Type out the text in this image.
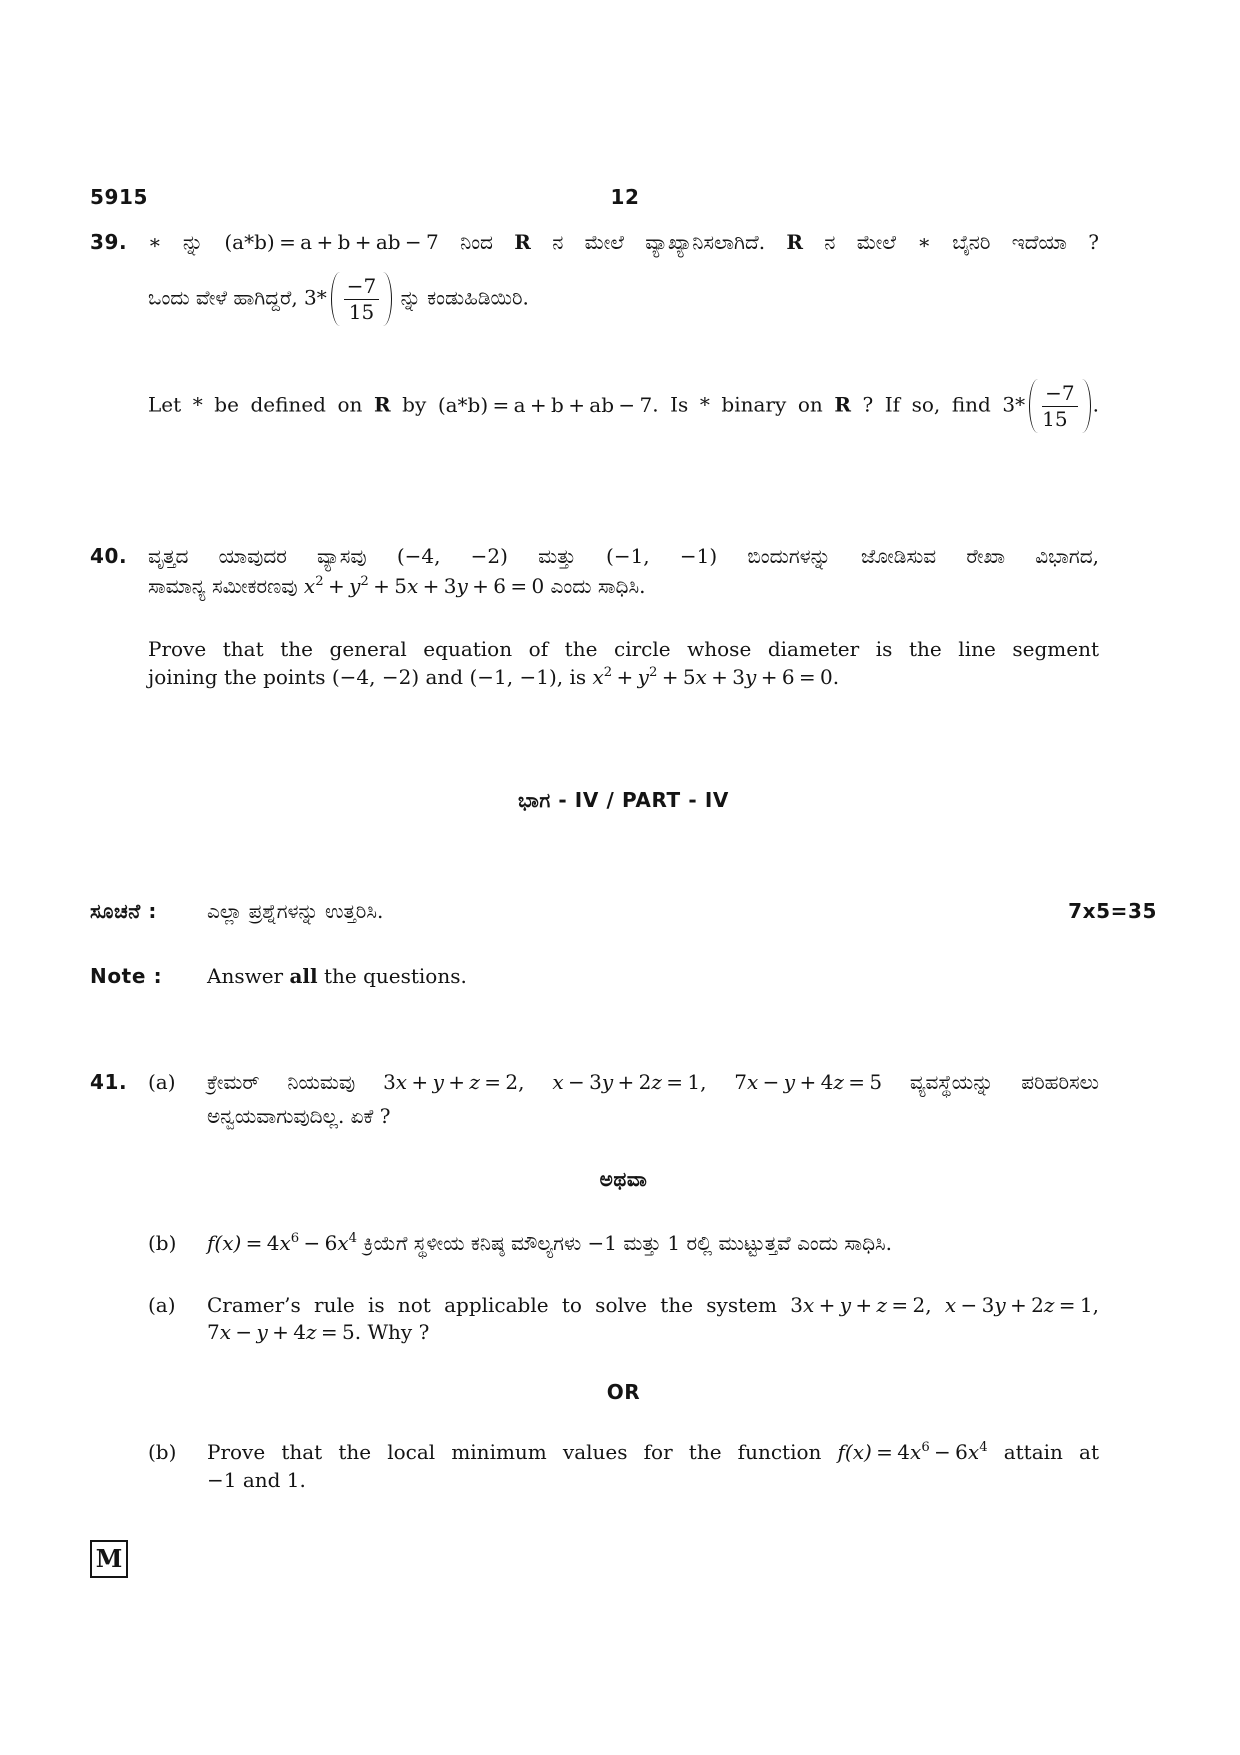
5915	12
39. ∗ ನ್ನು (a*b) = a + b + ab − 7 ನಿಂದ R ನ ಮೇಲೆ ವ್ಯಾಖ್ಯಾನಿಸಲಾಗಿದೆ. R ನ ಮೇಲೆ ∗ ಬೈನರಿ ಇದೆಯಾ ?
ಒಂದು ವೇಳೆ ಹಾಗಿದ್ದರೆ, $3* \frac{-7}{15}$ ನ್ನು ಕಂಡುಹಿಡಿಯಿರಿ.
Let * be defined on R by (a*b) = a + b + ab − 7. Is * binary on R ? If so, find $3* \frac{-7}{15}$ .
40. ವೃತ್ತದ ಯಾವುದರ ವ್ಯಾಸವು (−4, −2) ಮತ್ತು (−1, −1) ಬಿಂದುಗಳನ್ನು ಜೋಡಿಸುವ ರೇಖಾ ವಿಭಾಗದ,
ಸಾಮಾನ್ಯ ಸಮೀಕರಣವು $x^2 + y^2 + 5x + 3y + 6 = 0$ ಎಂದು ಸಾಧಿಸಿ.
Prove that the general equation of the circle whose diameter is the line segment
joining the points (−4, −2) and (−1, −1), is $x^2 + y^2 + 5x + 3y + 6 = 0$.
ಭಾಗ - IV / PART - IV
ಸೂಚನೆ :	ಎಲ್ಲಾ ಪ್ರಶ್ನೆಗಳನ್ನು ಉತ್ತರಿಸಿ.	7x5=35
Note : Answer all the questions.
41. (a) ಕ್ರೇಮರ್ ನಿಯಮವು 3x + y + z = 2, x − 3y + 2z = 1, 7x − y + 4z = 5 ವ್ಯವಸ್ಥೆಯನ್ನು ಪರಿಹರಿಸಲು
ಅನ್ವಯವಾಗುವುದಿಲ್ಲ. ಏಕೆ ?
ಅಥವಾ
(b) $f(x) = 4x^6 - 6x^4$ ಕ್ರಿಯೆಗೆ ಸ್ಥಳೀಯ ಕನಿಷ್ಠ ಮೌಲ್ಯಗಳು −1 ಮತ್ತು 1 ರಲ್ಲಿ ಮುಟ್ಟುತ್ತವೆ ಎಂದು ಸಾಧಿಸಿ.
(a) Cramer’s rule is not applicable to solve the system 3x + y + z = 2, x − 3y + 2z = 1,
7x − y + 4z = 5. Why ?
OR
(b) Prove that the local minimum values for the function $f(x) = 4x^6 - 6x^4$ attain at
−1 and 1.
M
